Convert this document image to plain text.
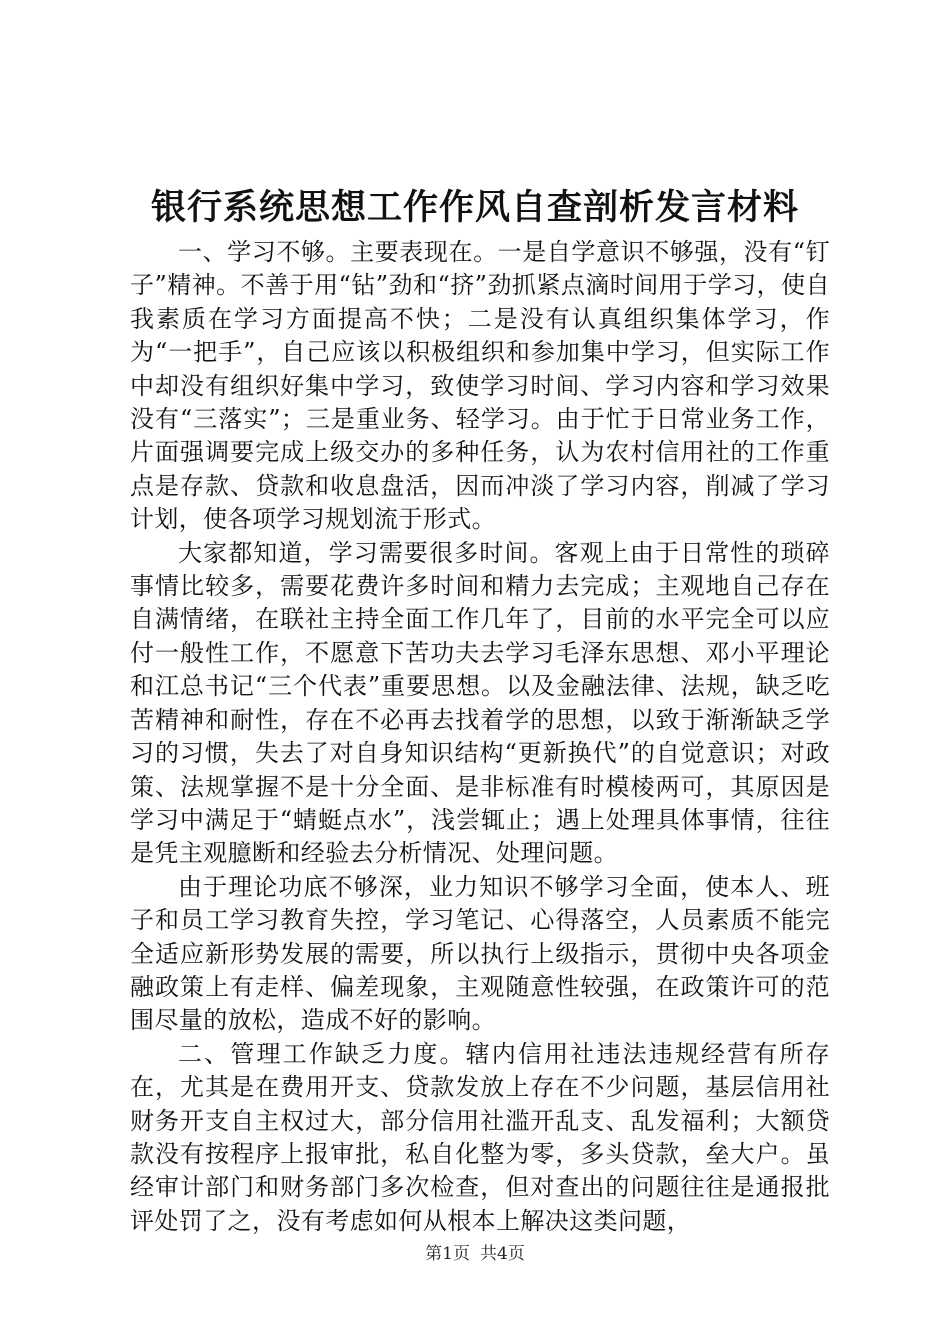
银行系统思想工作作风自查剖析发言材料

一、学习不够。主要表现在。一是自学意识不够强，没有“钉子”精神。不善于用“钻”劲和“挤”劲抓紧点滴时间用于学习，使自我素质在学习方面提高不快；二是没有认真组织集体学习，作为“一把手”，自己应该以积极组织和参加集中学习，但实际工作中却没有组织好集中学习，致使学习时间、学习内容和学习效果没有“三落实”；三是重业务、轻学习。由于忙于日常业务工作，片面强调要完成上级交办的多种任务，认为农村信用社的工作重点是存款、贷款和收息盘活，因而冲淡了学习内容，削减了学习计划，使各项学习规划流于形式。

大家都知道，学习需要很多时间。客观上由于日常性的琐碎事情比较多，需要花费许多时间和精力去完成；主观地自己存在自满情绪，在联社主持全面工作几年了，目前的水平完全可以应付一般性工作，不愿意下苦功夫去学习毛泽东思想、邓小平理论和江总书记“三个代表”重要思想。以及金融法律、法规，缺乏吃苦精神和耐性，存在不必再去找着学的思想，以致于渐渐缺乏学习的习惯，失去了对自身知识结构“更新换代”的自觉意识；对政策、法规掌握不是十分全面、是非标准有时模棱两可，其原因是学习中满足于“蜻蜓点水”，浅尝辄止；遇上处理具体事情，往往是凭主观臆断和经验去分析情况、处理问题。

由于理论功底不够深，业力知识不够学习全面，使本人、班子和员工学习教育失控，学习笔记、心得落空，人员素质不能完全适应新形势发展的需要，所以执行上级指示，贯彻中央各项金融政策上有走样、偏差现象，主观随意性较强，在政策许可的范围尽量的放松，造成不好的影响。

二、管理工作缺乏力度。辖内信用社违法违规经营有所存在，尤其是在费用开支、贷款发放上存在不少问题，基层信用社财务开支自主权过大，部分信用社滥开乱支、乱发福利；大额贷款没有按程序上报审批，私自化整为零，多头贷款，垒大户。虽经审计部门和财务部门多次检查，但对查出的问题往往是通报批评处罚了之，没有考虑如何从根本上解决这类问题，

第1页 共4页
